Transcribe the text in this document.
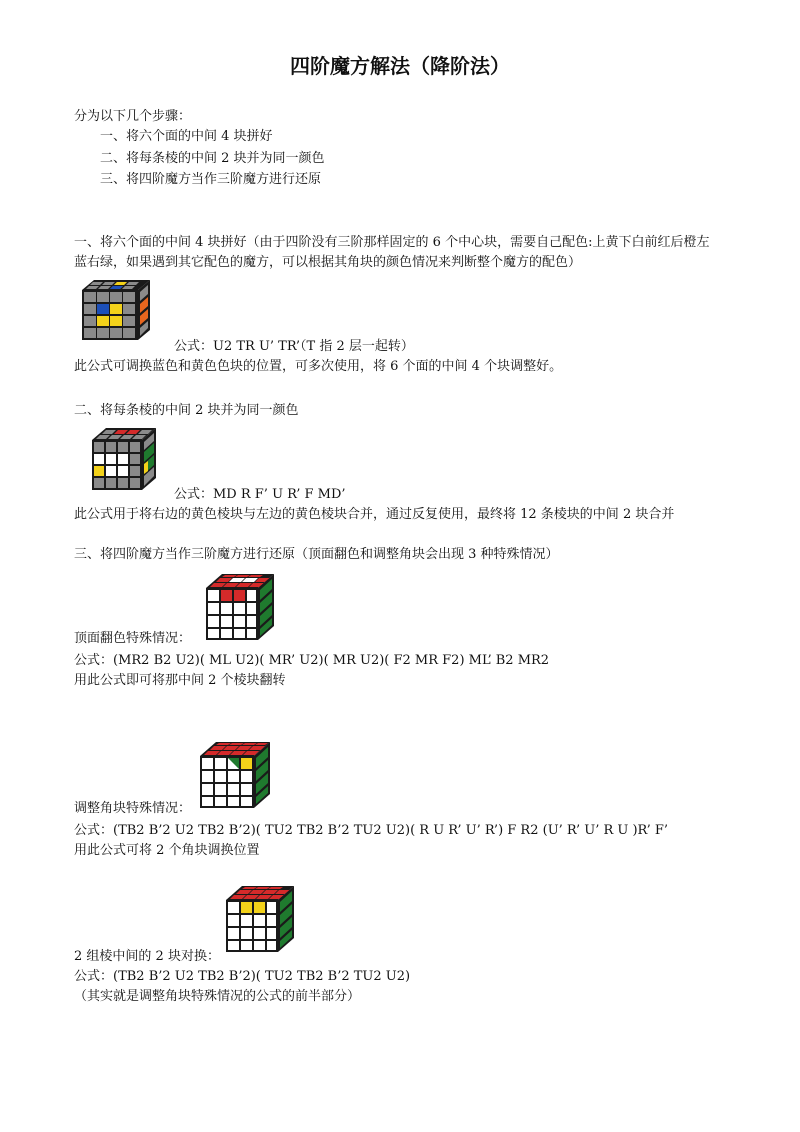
四阶魔方解法（降阶法）
分为以下几个步骤：
一、将六个面的中间 4 块拼好
二、将每条棱的中间 2 块并为同一颜色
三、将四阶魔方当作三阶魔方进行还原
一、将六个面的中间 4 块拼好（由于四阶没有三阶那样固定的 6 个中心块，需要自己配色:上黄下白前红后橙左
蓝右绿，如果遇到其它配色的魔方，可以根据其角块的颜色情况来判断整个魔方的配色）
公式：U2 TR U’ TR’（T 指 2 层一起转）
此公式可调换蓝色和黄色色块的位置，可多次使用，将 6 个面的中间 4 个块调整好。
二、将每条棱的中间 2 块并为同一颜色
公式：MD R F’ U R’ F MD’
此公式用于将右边的黄色棱块与左边的黄色棱块合并，通过反复使用，最终将 12 条棱块的中间 2 块合并
三、将四阶魔方当作三阶魔方进行还原（顶面翻色和调整角块会出现 3 种特殊情况）
顶面翻色特殊情况：
公式：(MR2 B2 U2)( ML U2)( MR’ U2)( MR U2)( F2 MR F2) ML’ B2 MR2
用此公式即可将那中间 2 个棱块翻转
调整角块特殊情况：
公式：(TB2 B’2 U2 TB2 B’2)( TU2 TB2 B’2 TU2 U2)( R U R’ U’ R’) F R2 (U’ R’ U’ R U )R’ F’
用此公式可将 2 个角块调换位置
2 组棱中间的 2 块对换：
公式：(TB2 B’2 U2 TB2 B’2)( TU2 TB2 B’2 TU2 U2)
（其实就是调整角块特殊情况的公式的前半部分）
